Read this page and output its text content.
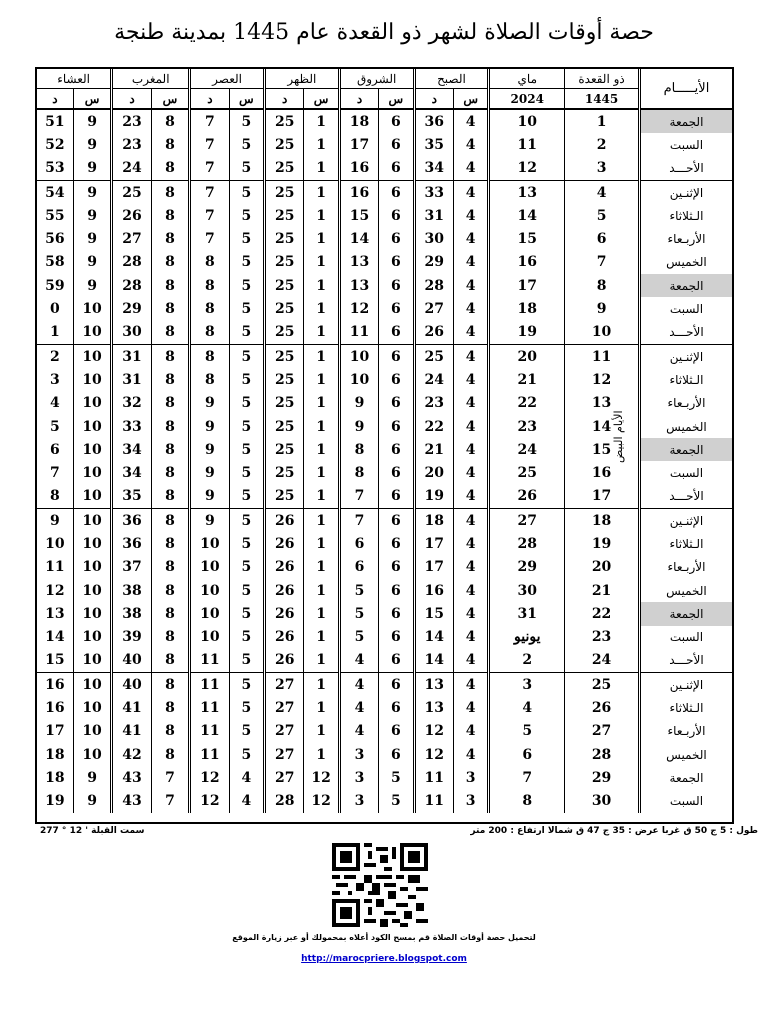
حصة أوقات الصلاة لشهر ذو القعدة عام 1445 بمدينة طنجة
العشاء		المغرب		العصر		الظهر		الشروق		الصبح		ماي	ذو القعدة	الأيـــــام
د	س	د	س	د	س	د	س	د	س	د	س	2024	1445	
51	9	23	8	7	5	25	1	18	6	36	4	10	1	الجمعة
52	9	23	8	7	5	25	1	17	6	35	4	11	2	السبت
53	9	24	8	7	5	25	1	16	6	34	4	12	3	الأحـــد
54	9	25	8	7	5	25	1	16	6	33	4	13	4	الإثنـين
55	9	26	8	7	5	25	1	15	6	31	4	14	5	الـثلاثاء
56	9	27	8	7	5	25	1	14	6	30	4	15	6	الأربـعاء
58	9	28	8	8	5	25	1	13	6	29	4	16	7	الخميس
59	9	28	8	8	5	25	1	13	6	28	4	17	8	الجمعة
0	10	29	8	8	5	25	1	12	6	27	4	18	9	السبت
1	10	30	8	8	5	25	1	11	6	26	4	19	10	الأحـــد
2	10	31	8	8	5	25	1	10	6	25	4	20	11	الإثنـين
3	10	31	8	8	5	25	1	10	6	24	4	21	12	الـثلاثاء
4	10	32	8	9	5	25	1	9	6	23	4	22	13	الأربـعاء
5	10	33	8	9	5	25	1	9	6	22	4	23	14	الخميس
6	10	34	8	9	5	25	1	8	6	21	4	24	15	الجمعة
7	10	34	8	9	5	25	1	8	6	20	4	25	16	السبت
8	10	35	8	9	5	25	1	7	6	19	4	26	17	الأحـــد
9	10	36	8	9	5	26	1	7	6	18	4	27	18	الإثنـين
10	10	36	8	10	5	26	1	6	6	17	4	28	19	الـثلاثاء
11	10	37	8	10	5	26	1	6	6	17	4	29	20	الأربـعاء
12	10	38	8	10	5	26	1	5	6	16	4	30	21	الخميس
13	10	38	8	10	5	26	1	5	6	15	4	31	22	الجمعة
14	10	39	8	10	5	26	1	5	6	14	4	يونيو	23	السبت
15	10	40	8	11	5	26	1	4	6	14	4	2	24	الأحـــد
16	10	40	8	11	5	27	1	4	6	13	4	3	25	الإثنـين
16	10	41	8	11	5	27	1	4	6	13	4	4	26	الـثلاثاء
17	10	41	8	11	5	27	1	4	6	12	4	5	27	الأربـعاء
18	10	42	8	11	5	27	1	3	6	12	4	6	28	الخميس
18	9	43	7	12	4	27	12	3	5	11	3	7	29	الجمعة
19	9	43	7	12	4	28	12	3	5	11	3	8	30	السبت
الأيام البيض
طول : 5 ج 50 ق غربا عرض : 35 ج 47 ق شمالا ارتفاع : 200 متر
سمت القبلة ' 12 ° 277
لتحميل حصة أوقات الصلاة قم بمسح الكود أعلاه بمحمولك أو عبر زيارة الموقع
http://marocpriere.blogspot.com
